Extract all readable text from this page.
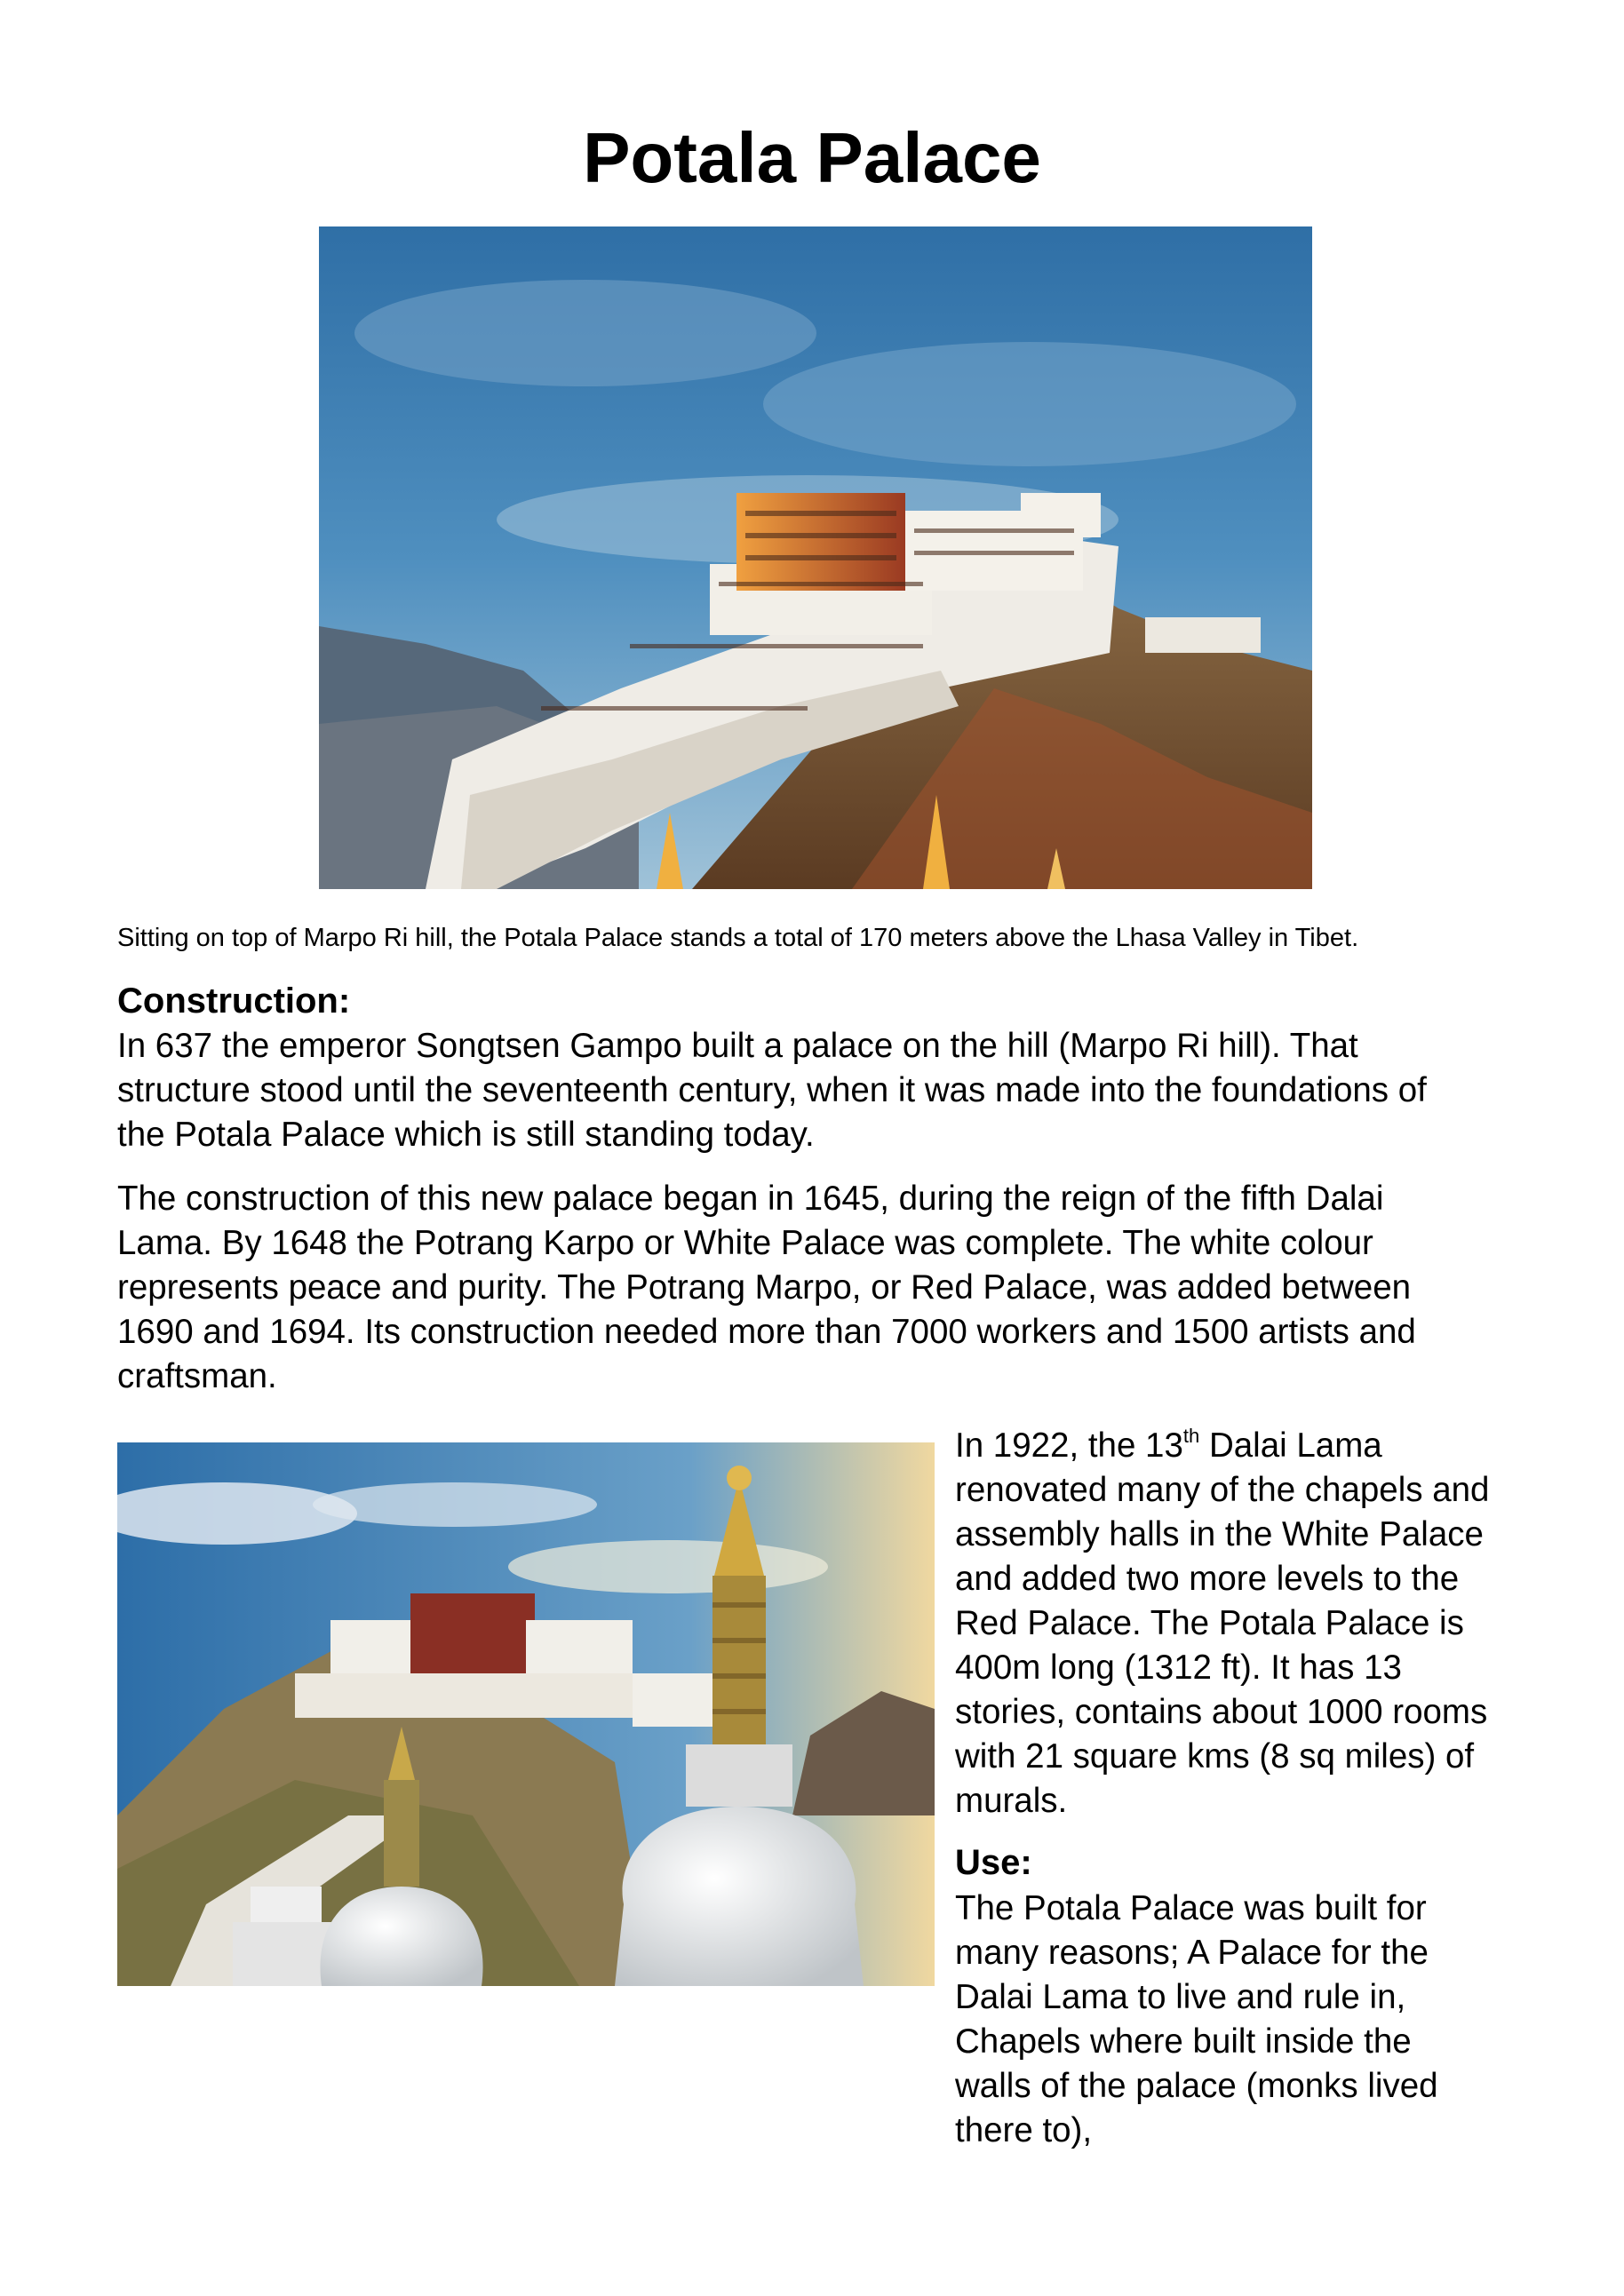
Potala Palace
Sitting on top of Marpo Ri hill, the Potala Palace stands a total of 170 meters above the Lhasa Valley in Tibet.
Construction:
In 637 the emperor Songtsen Gampo built a palace on the hill (Marpo Ri hill). That
structure stood until the seventeenth century, when it was made into the foundations of
the Potala Palace which is still standing today.
The construction of this new palace began in 1645, during the reign of the fifth Dalai
Lama. By 1648 the Potrang Karpo or White Palace was complete. The white colour
represents peace and purity. The Potrang Marpo, or Red Palace, was added between
1690 and 1694. Its construction needed more than 7000 workers and 1500 artists and
craftsman.
In 1922, the 13th Dalai Lama
renovated many of the chapels and
assembly halls in the White Palace
and added two more levels to the
Red Palace. The Potala Palace is
400m long (1312 ft). It has 13
stories, contains about 1000 rooms
with 21 square kms (8 sq miles) of
murals.
Use:
The Potala Palace was built for
many reasons; A Palace for the
Dalai Lama to live and rule in,
Chapels where built inside the
walls of the palace (monks lived
there to),
